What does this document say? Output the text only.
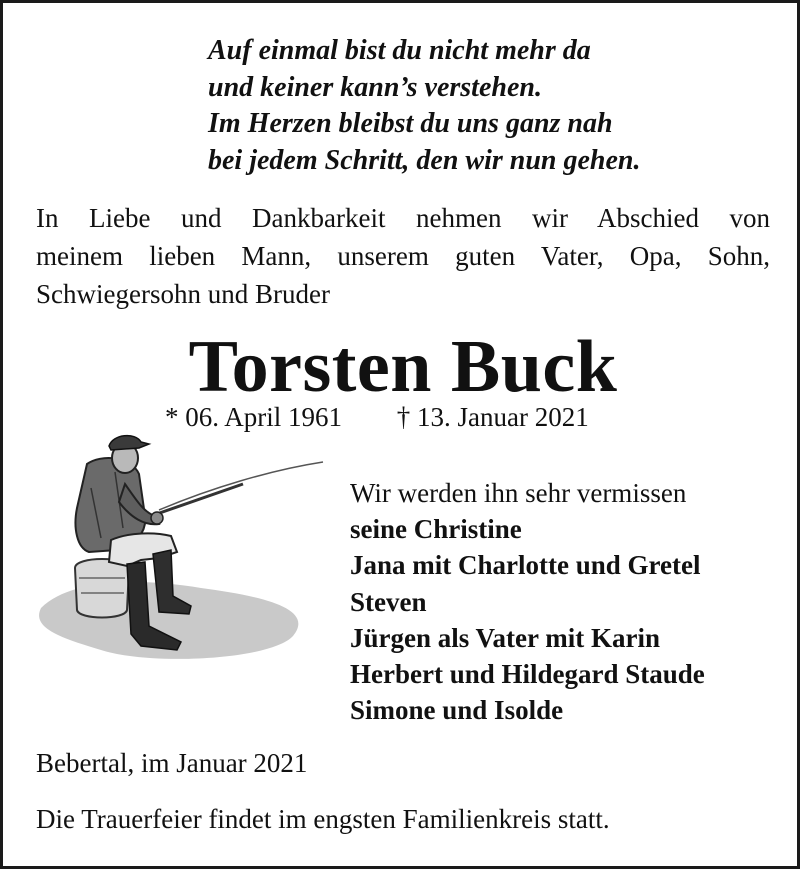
Auf einmal bist du nicht mehr da
und keiner kann’s verstehen.
Im Herzen bleibst du uns ganz nah
bei jedem Schritt, den wir nun gehen.
In Liebe und Dankbarkeit nehmen wir Abschied von
meinem lieben Mann, unserem guten Vater, Opa, Sohn,
Schwiegersohn und Bruder
Torsten Buck
* 06. April 1961 † 13. Januar 2021
Wir werden ihn sehr vermissen
seine Christine
Jana mit Charlotte und Gretel
Steven
Jürgen als Vater mit Karin
Herbert und Hildegard Staude
Simone und Isolde
Bebertal, im Januar 2021
Die Trauerfeier findet im engsten Familienkreis statt.
